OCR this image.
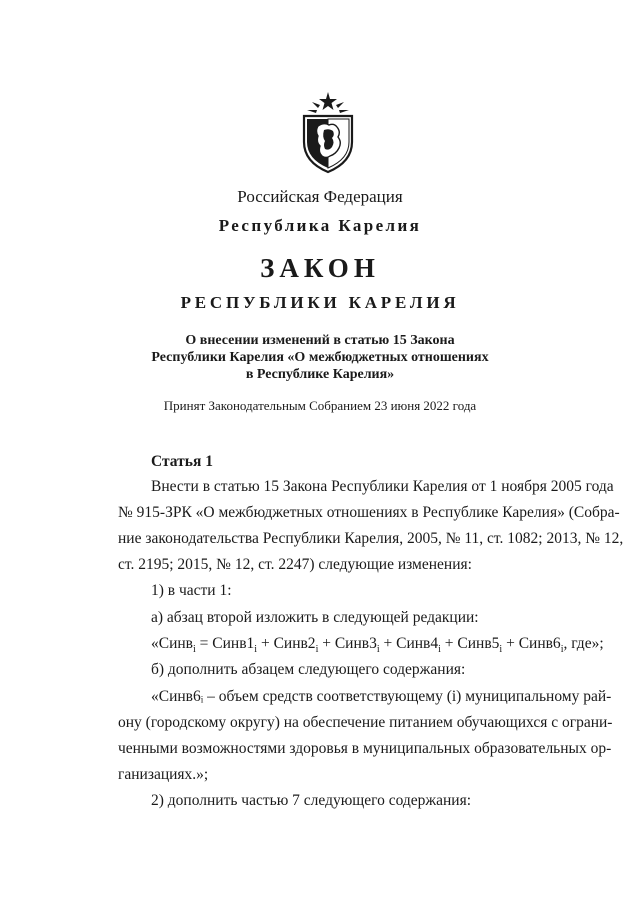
Российская Федерация
Республика Карелия
ЗАКОН
РЕСПУБЛИКИ КАРЕЛИЯ
О внесении изменений в статью 15 Закона
Республики Карелия «О межбюджетных отношениях
в Республике Карелия»
Принят Законодательным Собранием 23 июня 2022 года
Статья 1
Внести в статью 15 Закона Республики Карелия от 1 ноября 2005 года
№ 915-ЗРК «О межбюджетных отношениях в Республике Карелия» (Собра-
ние законодательства Республики Карелия, 2005, № 11, ст. 1082; 2013, № 12,
ст. 2195; 2015, № 12, ст. 2247) следующие изменения:
1) в части 1:
а) абзац второй изложить в следующей редакции:
«Синв$_i$ = $Синв1_i$ + $Синв2_i$ + $Синв3_i$ + $Синв4_i$ + $Синв5_i$ + $Синв6_i$, где»;
б) дополнить абзацем следующего содержания:
«Синв6ᵢ – объем средств соответствующему (i) муниципальному рай-
ону (городскому округу) на обеспечение питанием обучающихся с ограни-
ченными возможностями здоровья в муниципальных образовательных ор-
ганизациях.»;
2) дополнить частью 7 следующего содержания:
